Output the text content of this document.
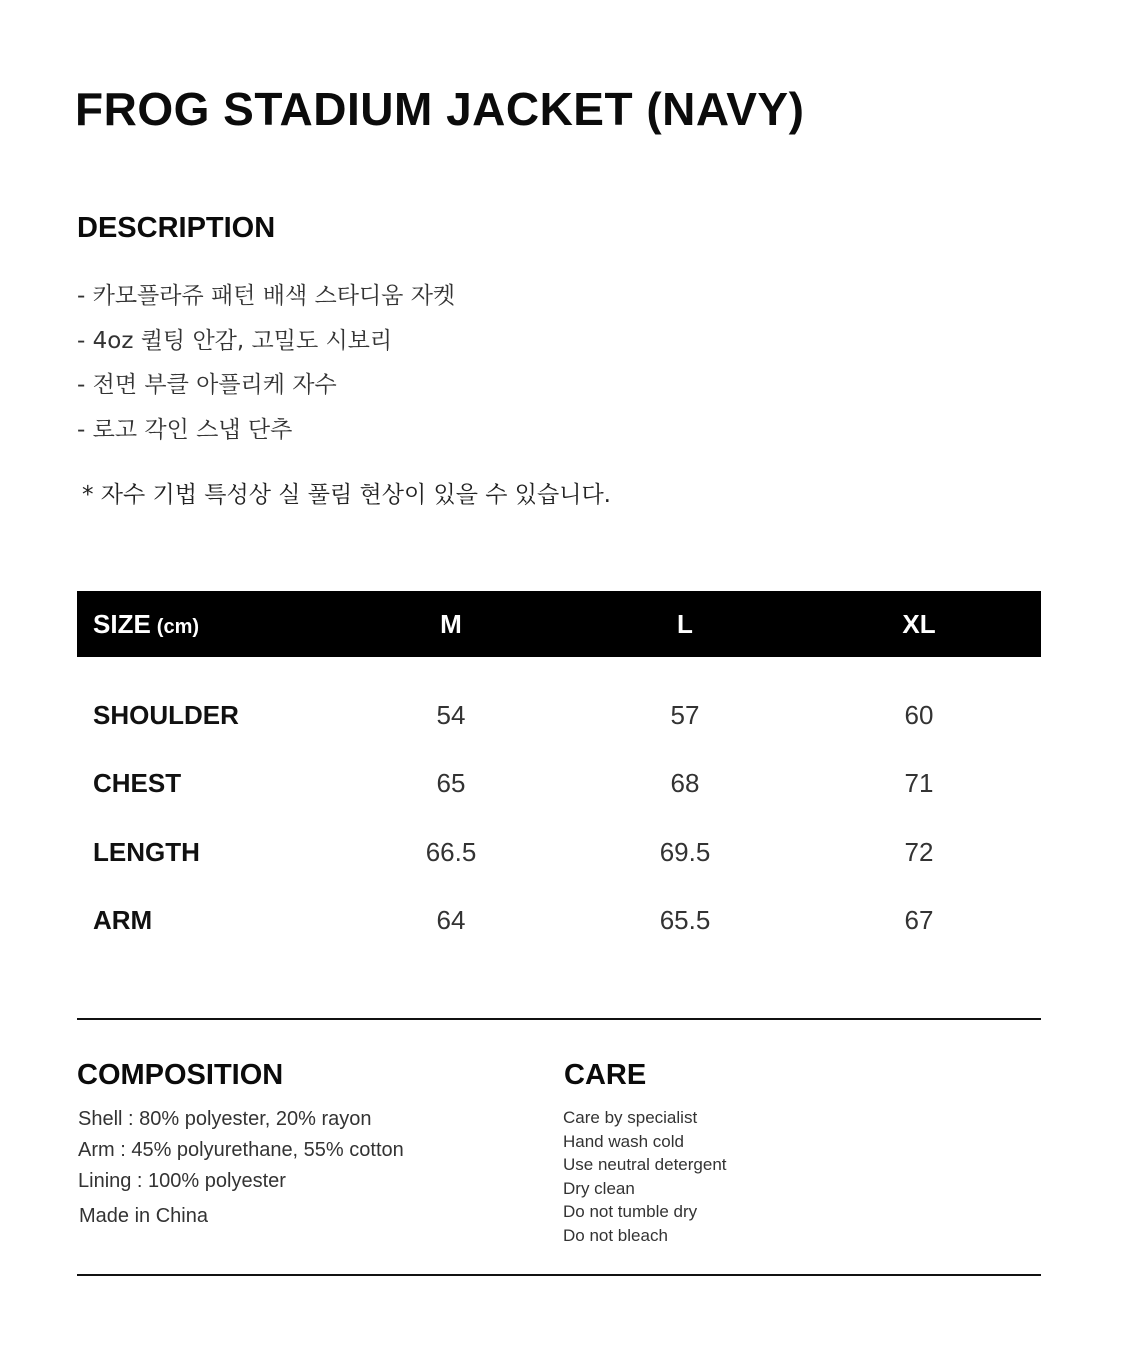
FROG STADIUM JACKET (NAVY)
DESCRIPTION
- 카모플라쥬 패턴 배색 스타디움 자켓
- 4oz 퀼팅 안감, 고밀도 시보리
- 전면 부클 아플리케 자수
- 로고 각인 스냅 단추
* 자수 기법 특성상 실 풀림 현상이 있을 수 있습니다.
SIZE (cm)	M	L	XL
SHOULDER	54	57	60
CHEST	65	68	71
LENGTH	66.5	69.5	72
ARM	64	65.5	67
COMPOSITION
Shell : 80% polyester, 20% rayon
Arm : 45% polyurethane, 55% cotton
Lining : 100% polyester
Made in China
CARE
Care by specialist
Hand wash cold
Use neutral detergent
Dry clean
Do not tumble dry
Do not bleach
